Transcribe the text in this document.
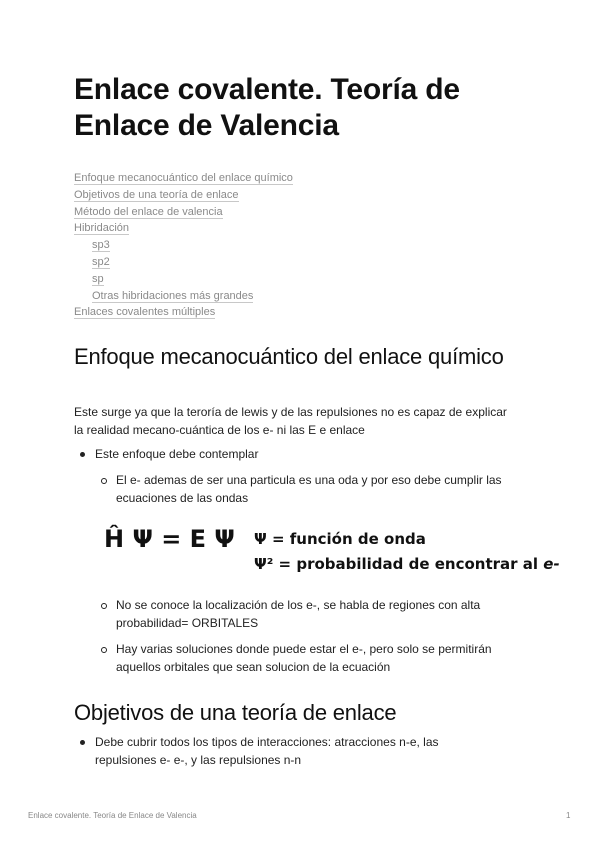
Enlace covalente. Teoría de Enlace de Valencia
Enfoque mecanocuántico del enlace químico
Objetivos de una teoría de enlace
Método del enlace de valencia
Hibridación
sp3
sp2
sp
Otras hibridaciones más grandes
Enlaces covalentes múltiples
Enfoque mecanocuántico del enlace químico

Este surge ya que la terоría de lewis y de las repulsiones no es capaz de explicar la realidad mecano-cuántica de los e- ni las E e enlace

Este enfoque debe contemplar
El e- ademas de ser una particula es una oda y por eso debe cumplir las ecuaciones de las ondas
Ĥ Ψ = E Ψ Ψ = función de onda
Ψ² = probabilidad de encontrar al e-
No se conoce la localización de los e-, se habla de regiones con alta probabilidad= ORBITALES
Hay varias soluciones donde puede estar el e-, pero solo se permitirán aquellos orbitales que sean solucion de la ecuación
Objetivos de una teoría de enlace
Debe cubrir todos los tipos de interacciones: atracciones n-e, las repulsiones e- e-, y las repulsiones n-n
Enlace covalente. Teoría de Enlace de Valencia	1
